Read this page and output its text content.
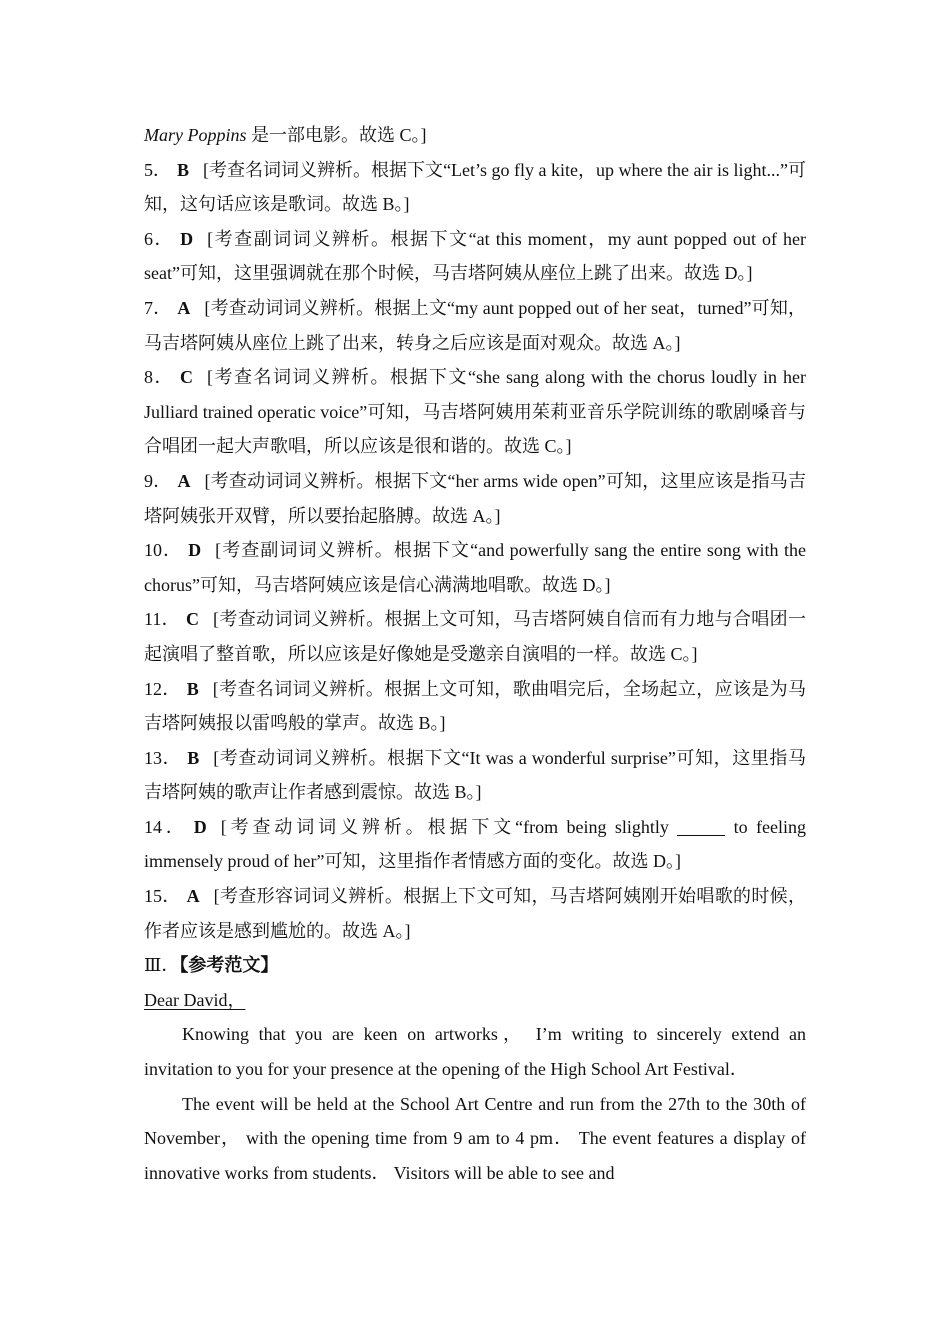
Mary Poppins 是一部电影。故选 C。]

5． B [考查名词词义辨析。根据下文“Let’s go fly a kite，up where the air is light...”可知，这句话应该是歌词。故选 B。]

6． D [考查副词词义辨析。根据下文“at this moment，my aunt popped out of her seat”可知，这里强调就在那个时候，马吉塔阿姨从座位上跳了出来。故选 D。]

7． A [考查动词词义辨析。根据上文“my aunt popped out of her seat，turned”可知，马吉塔阿姨从座位上跳了出来，转身之后应该是面对观众。故选 A。]

8． C [考查名词词义辨析。根据下文“she sang along with the chorus loudly in her Julliard trained operatic voice”可知，马吉塔阿姨用茱莉亚音乐学院训练的歌剧嗓音与合唱团一起大声歌唱，所以应该是很和谐的。故选 C。]

9． A [考查动词词义辨析。根据下文“her arms wide open”可知，这里应该是指马吉塔阿姨张开双臂，所以要抬起胳膊。故选 A。]

10． D [考查副词词义辨析。根据下文“and powerfully sang the entire song with the chorus”可知，马吉塔阿姨应该是信心满满地唱歌。故选 D。]

11． C [考查动词词义辨析。根据上文可知，马吉塔阿姨自信而有力地与合唱团一起演唱了整首歌，所以应该是好像她是受邀亲自演唱的一样。故选 C。]

12． B [考查名词词义辨析。根据上文可知，歌曲唱完后，全场起立，应该是为马吉塔阿姨报以雷鸣般的掌声。故选 B。]

13． B [考查动词词义辨析。根据下文“It was a wonderful surprise”可知，这里指马吉塔阿姨的歌声让作者感到震惊。故选 B。]

14． D [考查动词词义辨析。根据下文“from being slightly	to feeling immensely proud of her”可知，这里指作者情感方面的变化。故选 D。]

15． A [考查形容词词义辨析。根据上下文可知，马吉塔阿姨刚开始唱歌的时候，作者应该是感到尴尬的。故选 A。]

Ⅲ．【参考范文】

Dear David，

Knowing that you are keen on artworks， I’m writing to sincerely extend an invitation to you for your presence at the opening of the High School Art Festival．

The event will be held at the School Art Centre and run from the 27th to the 30th of November， with the opening time from 9 am to 4 pm． The event features a display of innovative works from students． Visitors will be able to see and
